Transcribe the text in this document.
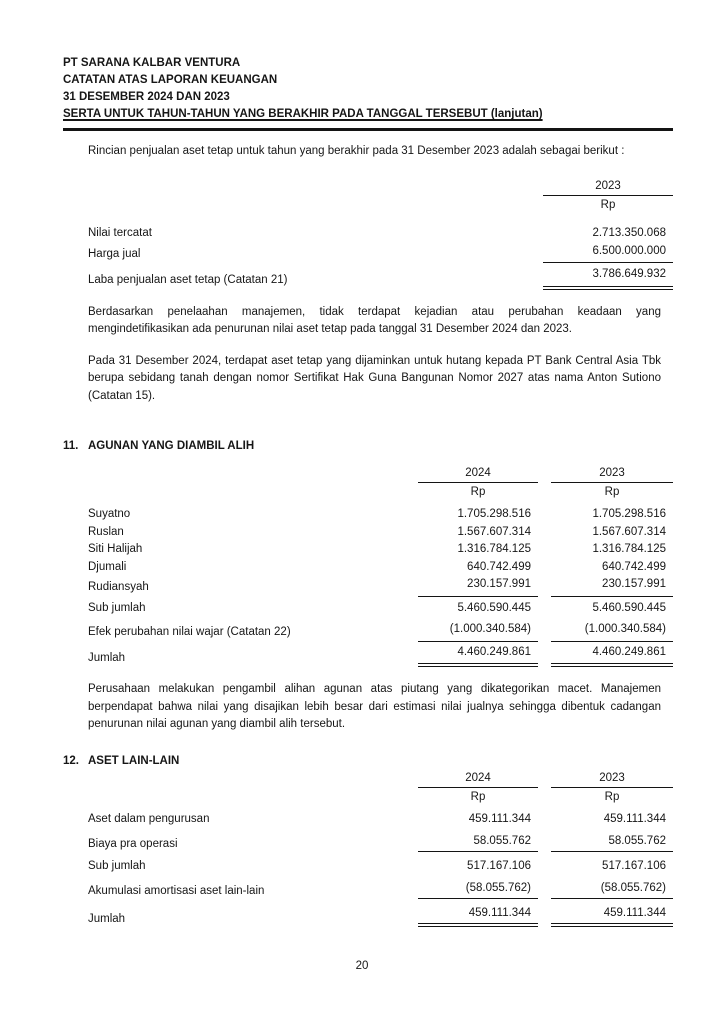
PT SARANA KALBAR VENTURA
CATATAN ATAS LAPORAN KEUANGAN
31 DESEMBER 2024 DAN 2023
SERTA UNTUK TAHUN-TAHUN YANG BERAKHIR PADA TANGGAL TERSEBUT (lanjutan)

Rincian penjualan aset tetap untuk tahun yang berakhir pada 31 Desember 2023 adalah sebagai berikut :

2023
Rp
Nilai tercatat	2.713.350.068
Harga jual	6.500.000.000
Laba penjualan aset tetap (Catatan 21)	3.786.649.932

Berdasarkan penelaahan manajemen, tidak terdapat kejadian atau perubahan keadaan yang mengindetifikasikan ada penurunan nilai aset tetap pada tanggal 31 Desember 2024 dan 2023.

Pada 31 Desember 2024, terdapat aset tetap yang dijaminkan untuk hutang kepada PT Bank Central Asia Tbk berupa sebidang tanah dengan nomor Sertifikat Hak Guna Bangunan Nomor 2027 atas nama Anton Sutiono (Catatan 15).

11. AGUNAN YANG DIAMBIL ALIH
2024	2023
Rp	Rp
Suyatno	1.705.298.516	1.705.298.516
Ruslan	1.567.607.314	1.567.607.314
Siti Halijah	1.316.784.125	1.316.784.125
Djumali	640.742.499	640.742.499
Rudiansyah	230.157.991	230.157.991
Sub jumlah	5.460.590.445	5.460.590.445
Efek perubahan nilai wajar (Catatan 22)	(1.000.340.584)	(1.000.340.584)
Jumlah	4.460.249.861	4.460.249.861

Perusahaan melakukan pengambil alihan agunan atas piutang yang dikategorikan macet. Manajemen berpendapat bahwa nilai yang disajikan lebih besar dari estimasi nilai jualnya sehingga dibentuk cadangan penurunan nilai agunan yang diambil alih tersebut.

12. ASET LAIN-LAIN
2024	2023
Rp	Rp
Aset dalam pengurusan	459.111.344	459.111.344
Biaya pra operasi	58.055.762	58.055.762
Sub jumlah	517.167.106	517.167.106
Akumulasi amortisasi aset lain-lain	(58.055.762)	(58.055.762)
Jumlah	459.111.344	459.111.344
20
